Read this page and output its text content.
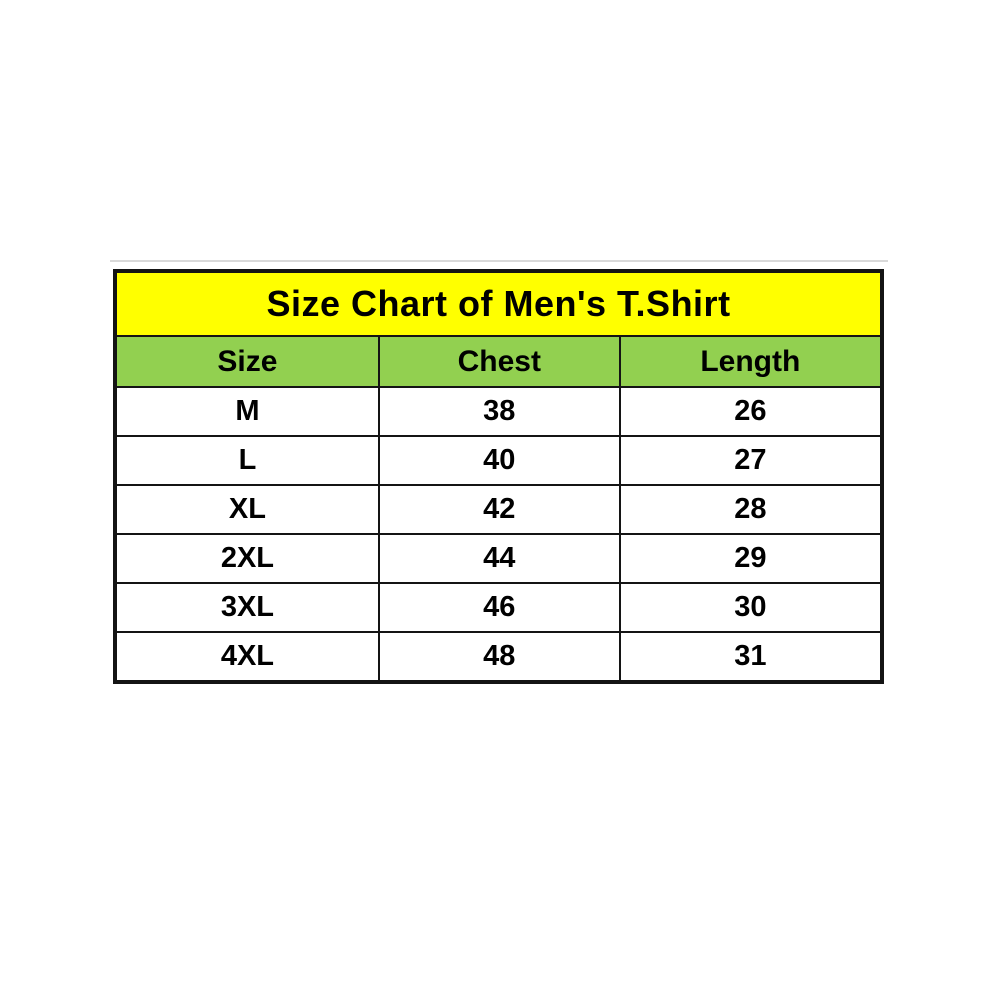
Size Chart of Men's T.Shirt		
Size	Chest	Length
M	38	26
L	40	27
XL	42	28
2XL	44	29
3XL	46	30
4XL	48	31
